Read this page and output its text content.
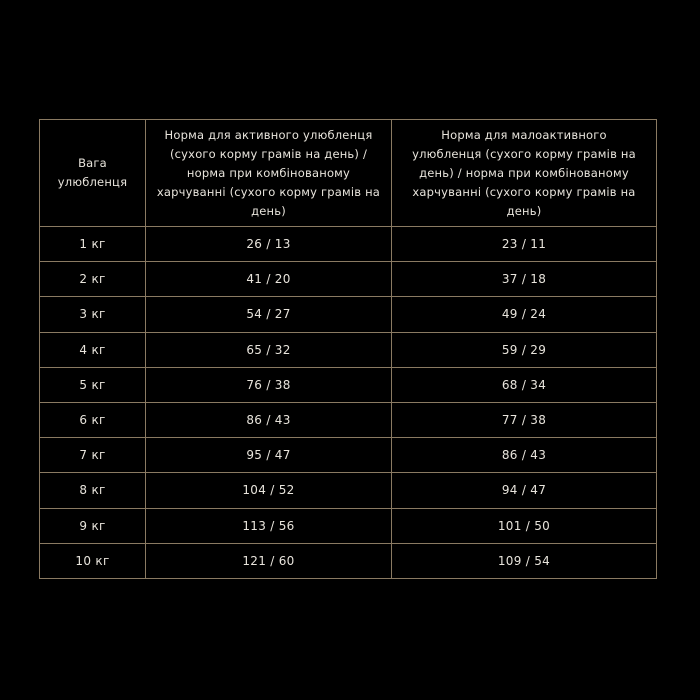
Вага улюбленця	Норма для активного улюбленця (сухого корму грамів на день) / норма при комбінованому харчуванні (сухого корму грамів на день)	Норма для малоактивного улюбленця (сухого корму грамів на день) / норма при комбінованому харчуванні (сухого корму грамів на день)
1 кг	26 / 13	23 / 11
2 кг	41 / 20	37 / 18
3 кг	54 / 27	49 / 24
4 кг	65 / 32	59 / 29
5 кг	76 / 38	68 / 34
6 кг	86 / 43	77 / 38
7 кг	95 / 47	86 / 43
8 кг	104 / 52	94 / 47
9 кг	113 / 56	101 / 50
10 кг	121 / 60	109 / 54
